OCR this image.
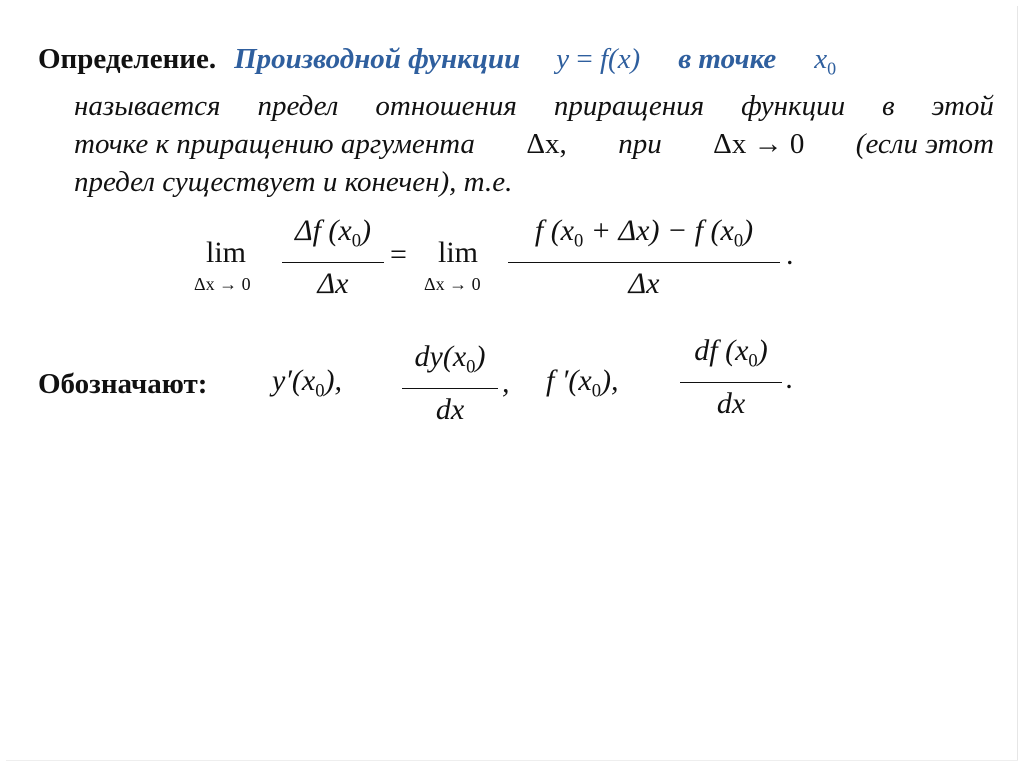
Определение. Производной функции y = f(x) в точке $x_0$
называется предел отношения приращения функции в этой
точке к приращению аргумента Δx, при Δx → 0 (если этот
предел существует и конечен), т.е.
lim
Δx → 0
Δf $(x_0)$
Δx
= lim
Δx → 0
f $(x_0 + \Delta x) - f$ $(x_0)$
Δx
.
Обозначают: $y'(x_0)$,
$dy(x_0)$
dx
, f $'(x_0)$,
df $(x_0)$
dx
.
